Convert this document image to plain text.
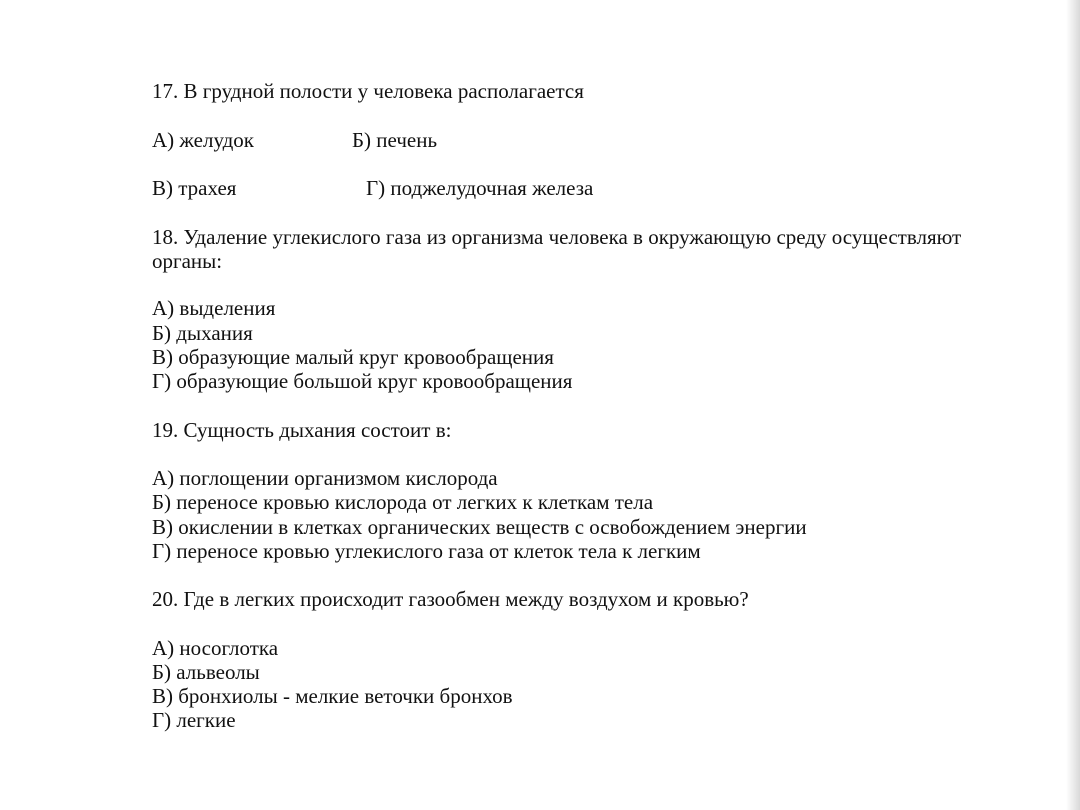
17. В грудной полости у человека располагается
А) желудок	Б) печень
В) трахея	Г) поджелудочная железа
18. Удаление углекислого газа из организма человека в окружающую среду осуществляют органы:
А) выделения
Б) дыхания
В) образующие малый круг кровообращения
Г) образующие большой круг кровообращения
19. Сущность дыхания состоит в:
А) поглощении организмом кислорода
Б) переносе кровью кислорода от легких к клеткам тела
В) окислении в клетках органических веществ с освобождением энергии
Г) переносе кровью углекислого газа от клеток тела к легким
20. Где в легких происходит газообмен между воздухом и кровью?
А) носоглотка
Б) альвеолы
В) бронхиолы - мелкие веточки бронхов
Г) легкие
